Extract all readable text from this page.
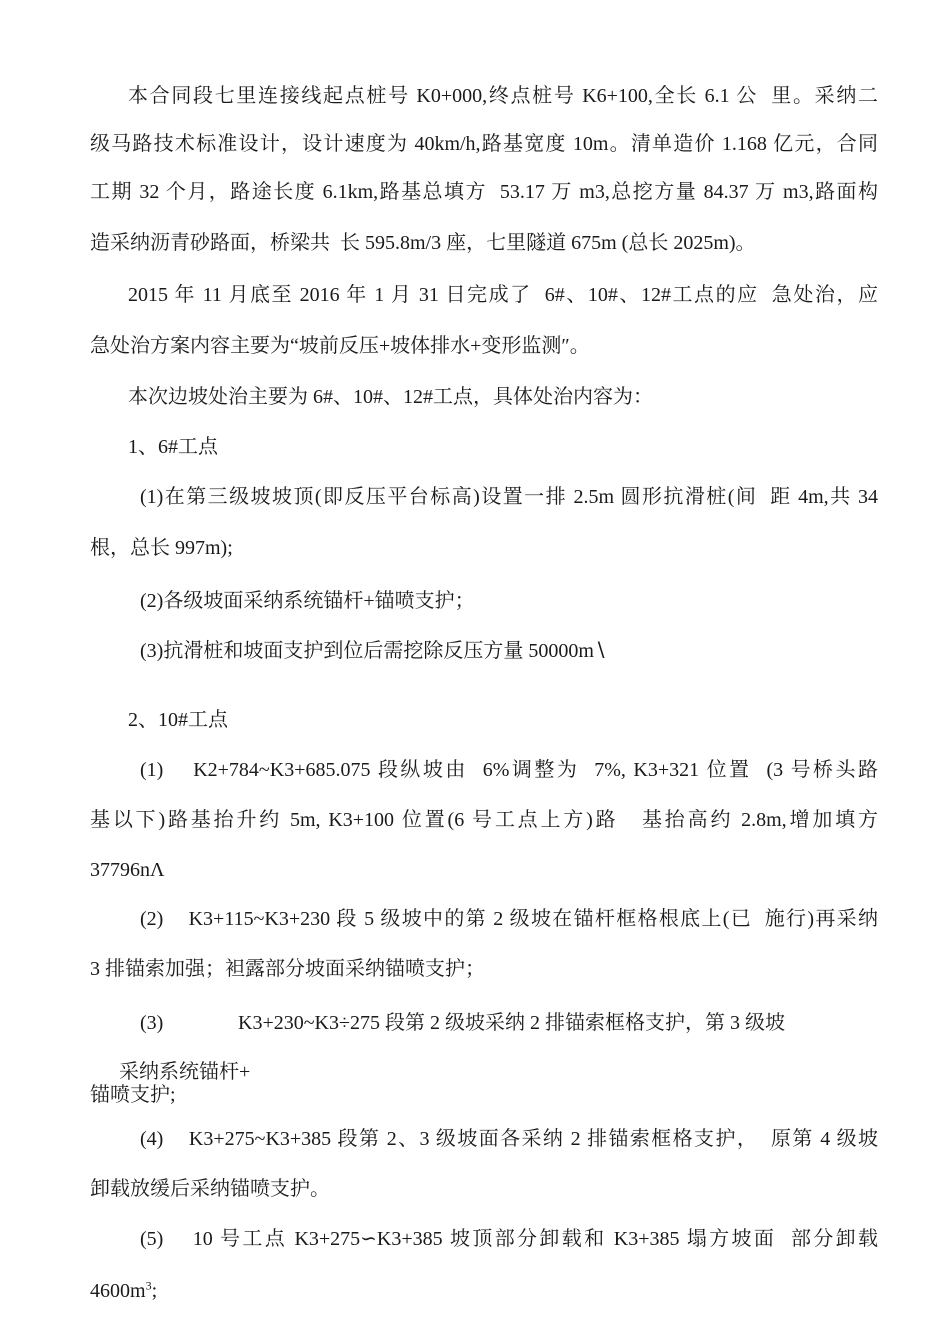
本合同段七里连接线起点桩号 K0+000,终点桩号 K6+100,全长 6.1 公  里。采纳二
级马路技术标准设计，设计速度为 40km/h,路基宽度 10m。清单造价 1.168 亿元，合同
工期 32 个月，路途长度 6.1km,路基总填方  53.17 万 m3,总挖方量 84.37 万 m3,路面构
造采纳沥青砂路面，桥梁共  长 595.8m/3 座，七里隧道 675m (总长 2025m)。
2015 年 11 月底至 2016 年 1 月 31 日完成了  6#、10#、12#工点的应  急处治，应
急处治方案内容主要为“坡前反压+坡体排水+变形监测″。
本次边坡处治主要为 6#、10#、12#工点，具体处治内容为：
1、6#工点
(1)在第三级坡坡顶(即反压平台标高)设置一排 2.5m 圆形抗滑桩(间  距 4m,共 34
根，总长 997m);
(2)各级坡面采纳系统锚杆+锚喷支护；
(3)抗滑桩和坡面支护到位后需挖除反压方量 50000m∖
2、10#工点
(1)    K2+784~K3+685.075 段纵坡由  6%调整为  7%, K3+321 位置  (3 号桥头路
基以下)路基抬升约 5m, K3+100 位置(6 号工点上方)路   基抬高约 2.8m,增加填方
37796nΛ
(2)    K3+115~K3+230 段 5 级坡中的第 2 级坡在锚杆框格根底上(已  施行)再采纳
3 排锚索加强；袒露部分坡面采纳锚喷支护；
(3)	K3+230~K3÷275 段第 2 级坡采纳 2 排锚索框格支护，第 3 级坡
采纳系统锚杆+
锚喷支护;
(4)    K3+275~K3+385 段第 2、3 级坡面各采纳 2 排锚索框格支护，  原第 4 级坡
卸载放缓后采纳锚喷支护。
(5)    10 号工点 K3+275∽K3+385 坡顶部分卸载和 K3+385 塌方坡面  部分卸载
$4600m^3$;
